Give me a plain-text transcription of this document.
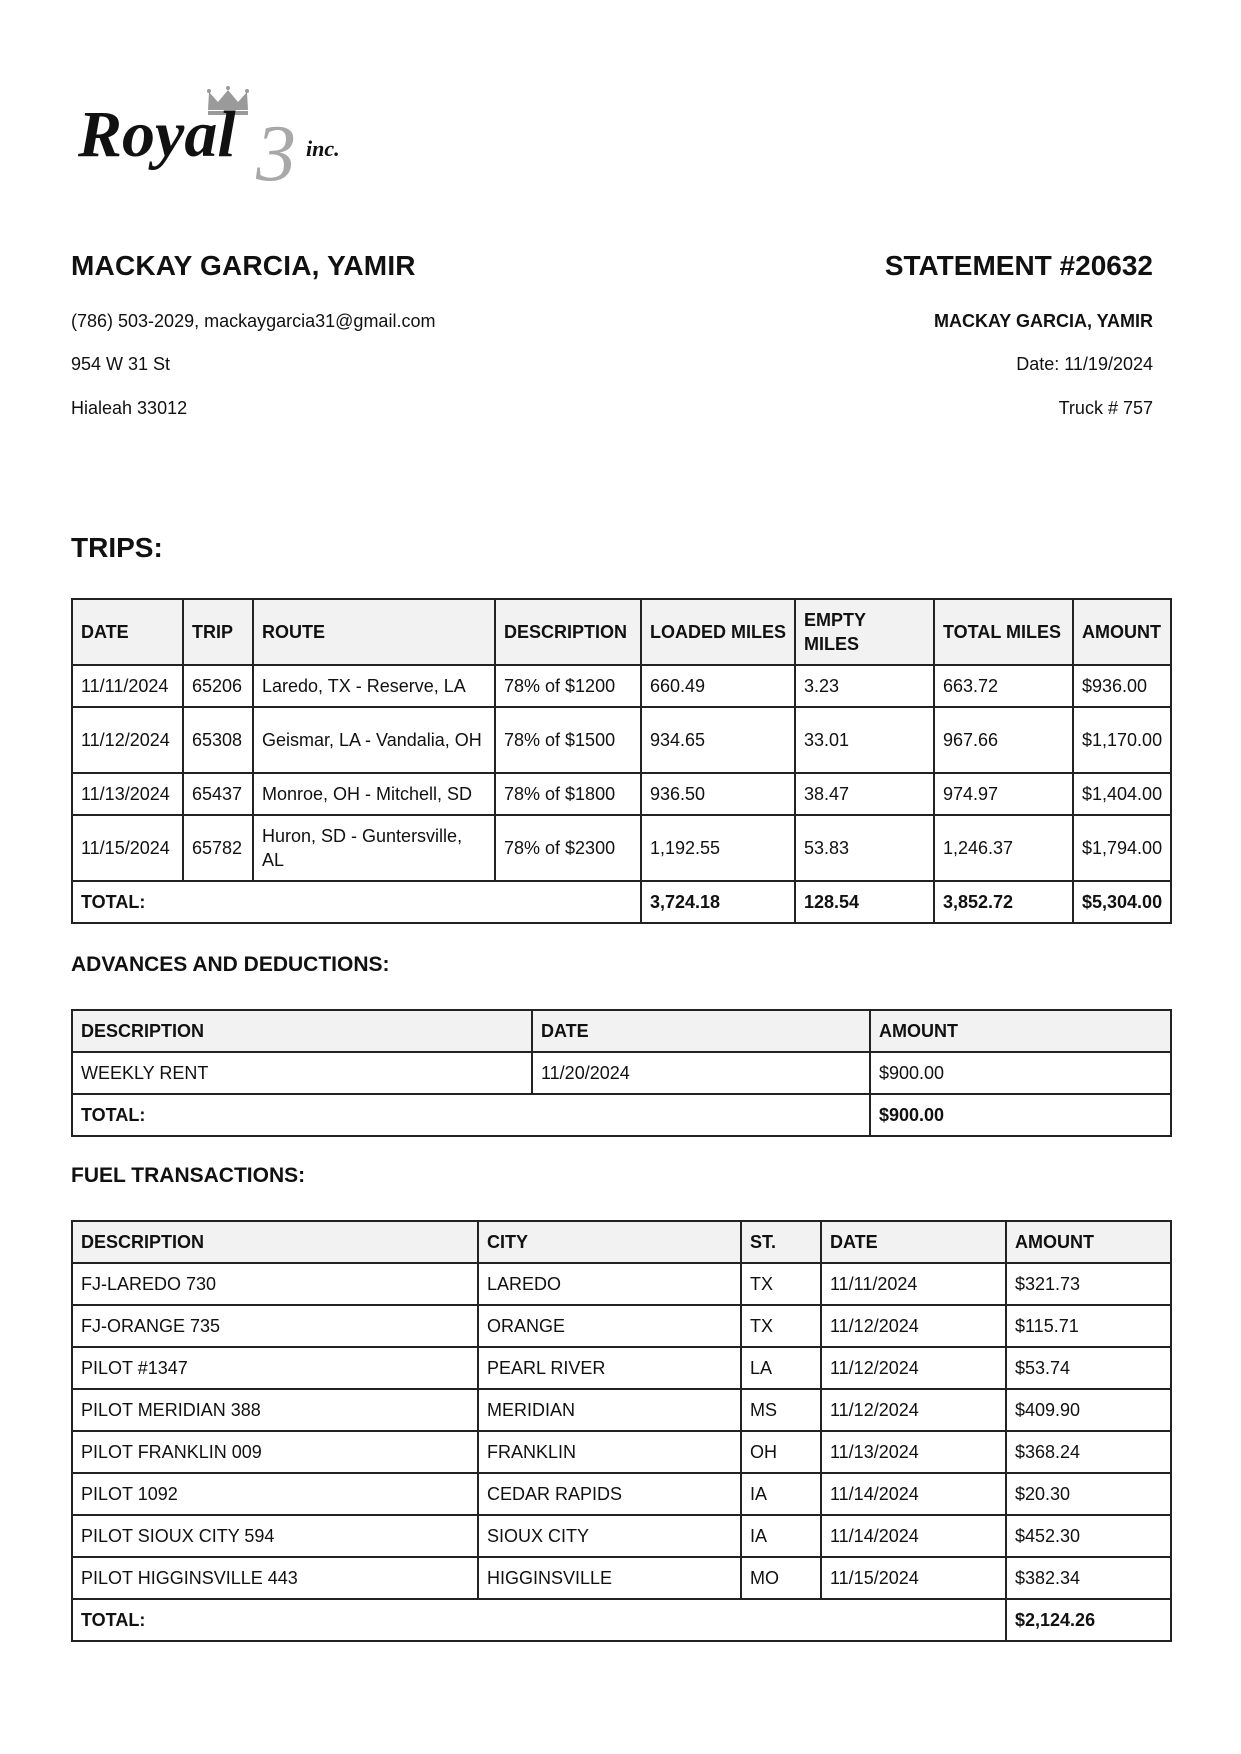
3
Royal	inc.
MACKAY GARCIA, YAMIR	STATEMENT #20632
(786) 503-2029, mackaygarcia31@gmail.com
954 W 31 St
Hialeah 33012
MACKAY GARCIA, YAMIR
Date: 11/19/2024
Truck # 757
TRIPS:
DATE	TRIP	ROUTE	DESCRIPTION	LOADED MILES	EMPTY MILES	TOTAL MILES	AMOUNT
11/11/2024	65206	Laredo, TX - Reserve, LA	78% of $1200	660.49	3.23	663.72	$936.00
11/12/2024	65308	Geismar, LA - Vandalia, OH	78% of $1500	934.65	33.01	967.66	$1,170.00
11/13/2024	65437	Monroe, OH - Mitchell, SD	78% of $1800	936.50	38.47	974.97	$1,404.00
11/15/2024	65782	Huron, SD - Guntersville, AL	78% of $2300	1,192.55	53.83	1,246.37	$1,794.00
TOTAL:				3,724.18	128.54	3,852.72	$5,304.00
ADVANCES AND DEDUCTIONS:
DESCRIPTION	DATE	AMOUNT
WEEKLY RENT	11/20/2024	$900.00
TOTAL:		$900.00
FUEL TRANSACTIONS:
DESCRIPTION	CITY	ST.	DATE	AMOUNT
FJ-LAREDO 730	LAREDO	TX	11/11/2024	$321.73
FJ-ORANGE 735	ORANGE	TX	11/12/2024	$115.71
PILOT #1347	PEARL RIVER	LA	11/12/2024	$53.74
PILOT MERIDIAN 388	MERIDIAN	MS	11/12/2024	$409.90
PILOT FRANKLIN 009	FRANKLIN	OH	11/13/2024	$368.24
PILOT 1092	CEDAR RAPIDS	IA	11/14/2024	$20.30
PILOT SIOUX CITY 594	SIOUX CITY	IA	11/14/2024	$452.30
PILOT HIGGINSVILLE 443	HIGGINSVILLE	MO	11/15/2024	$382.34
TOTAL:				$2,124.26
